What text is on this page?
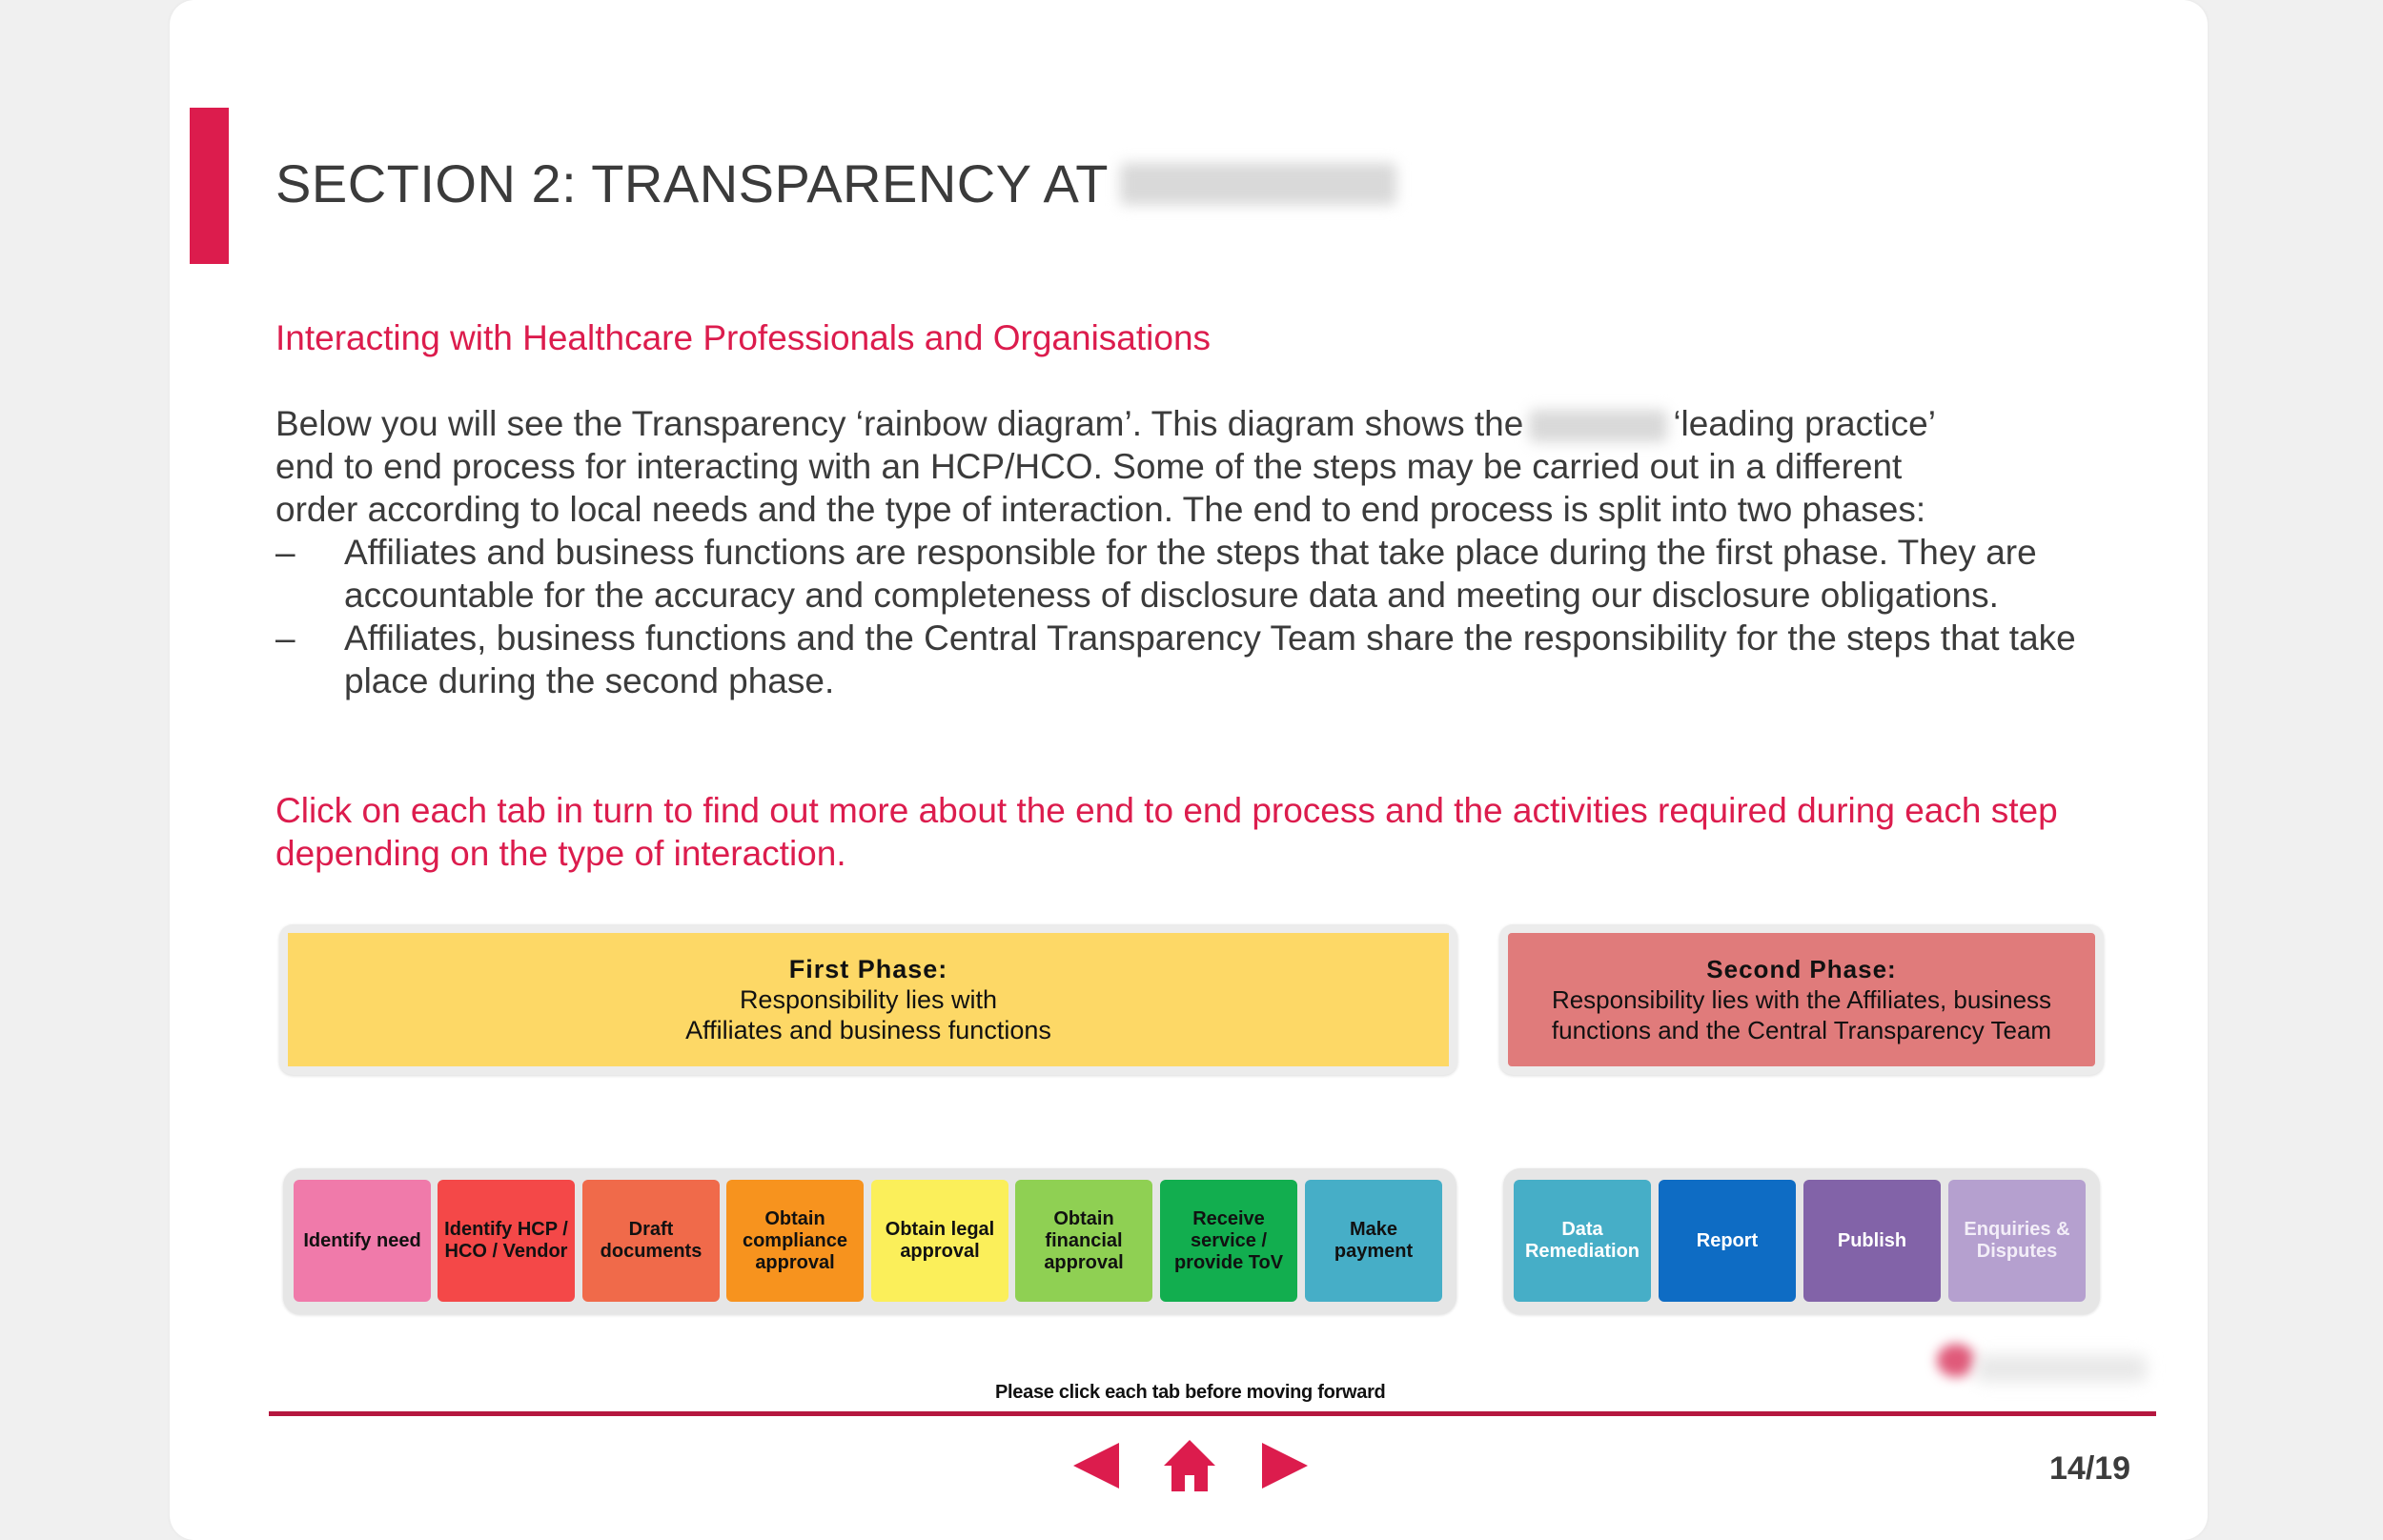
SECTION 2: TRANSPARENCY AT
Interacting with Healthcare Professionals and Organisations

Below you will see the Transparency ‘rainbow diagram’. This diagram shows the	‘leading practice’

end to end process for interacting with an HCP/HCO. Some of the steps may be carried out in a different

order according to local needs and the type of interaction. The end to end process is split into two phases:

– Affiliates and business functions are responsible for the steps that take place during the first phase. They are accountable for the accuracy and completeness of disclosure data and meeting our disclosure obligations.
– Affiliates, business functions and the Central Transparency Team share the responsibility for the steps that take place during the second phase.
Click on each tab in turn to find out more about the end to end process and the activities required during each step depending on the type of interaction.
First Phase:
Responsibility lies with
Affiliates and business functions
Second Phase:
Responsibility lies with the Affiliates, business
functions and the Central Transparency Team
Identify need
Identify HCP / HCO / Vendor
Draft documents
Obtain compliance approval
Obtain legal approval
Obtain financial approval
Receive service / provide ToV
Make payment
Data Remediation
Report	Publish
Enquiries & Disputes
Please click each tab before moving forward
14/19
